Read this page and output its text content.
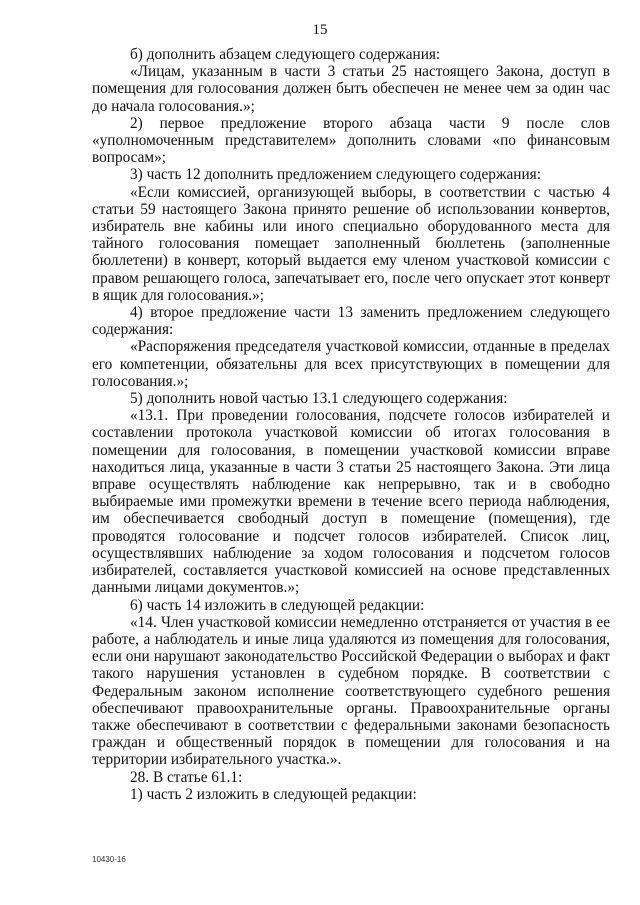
15

б) дополнить абзацем следующего содержания:

«Лицам, указанным в части 3 статьи 25 настоящего Закона, доступ в помещения для голосования должен быть обеспечен не менее чем за один час до начала голосования.»;

2) первое предложение второго абзаца части 9 после слов «уполномоченным представителем» дополнить словами «по финансовым вопросам»;

3) часть 12 дополнить предложением следующего содержания:

«Если комиссией, организующей выборы, в соответствии с частью 4 статьи 59 настоящего Закона принято решение об использовании конвертов, избиратель вне кабины или иного специально оборудованного места для тайного голосования помещает заполненный бюллетень (заполненные бюллетени) в конверт, который выдается ему членом участковой комиссии с правом решающего голоса, запечатывает его, после чего опускает этот конверт в ящик для голосования.»;

4) второе предложение части 13 заменить предложением следующего содержания:

«Распоряжения председателя участковой комиссии, отданные в пределах его компетенции, обязательны для всех присутствующих в помещении для голосования.»;

5) дополнить новой частью 13.1 следующего содержания:

«13.1. При проведении голосования, подсчете голосов избирателей и составлении протокола участковой комиссии об итогах голосования в помещении для голосования, в помещении участковой комиссии вправе находиться лица, указанные в части 3 статьи 25 настоящего Закона. Эти лица вправе осуществлять наблюдение как непрерывно, так и в свободно выбираемые ими промежутки времени в течение всего периода наблюдения, им обеспечивается свободный доступ в помещение (помещения), где проводятся голосование и подсчет голосов избирателей. Список лиц, осуществлявших наблюдение за ходом голосования и подсчетом голосов избирателей, составляется участковой комиссией на основе представленных данными лицами документов.»;

6) часть 14 изложить в следующей редакции:

«14. Член участковой комиссии немедленно отстраняется от участия в ее работе, а наблюдатель и иные лица удаляются из помещения для голосования, если они нарушают законодательство Российской Федерации о выборах и факт такого нарушения установлен в судебном порядке. В соответствии с Федеральным законом исполнение соответствующего судебного решения обеспечивают правоохранительные органы. Правоохранительные органы также обеспечивают в соответствии с федеральными законами безопасность граждан и общественный порядок в помещении для голосования и на территории избирательного участка.».

28. В статье 61.1:

1) часть 2 изложить в следующей редакции:

10430-16
